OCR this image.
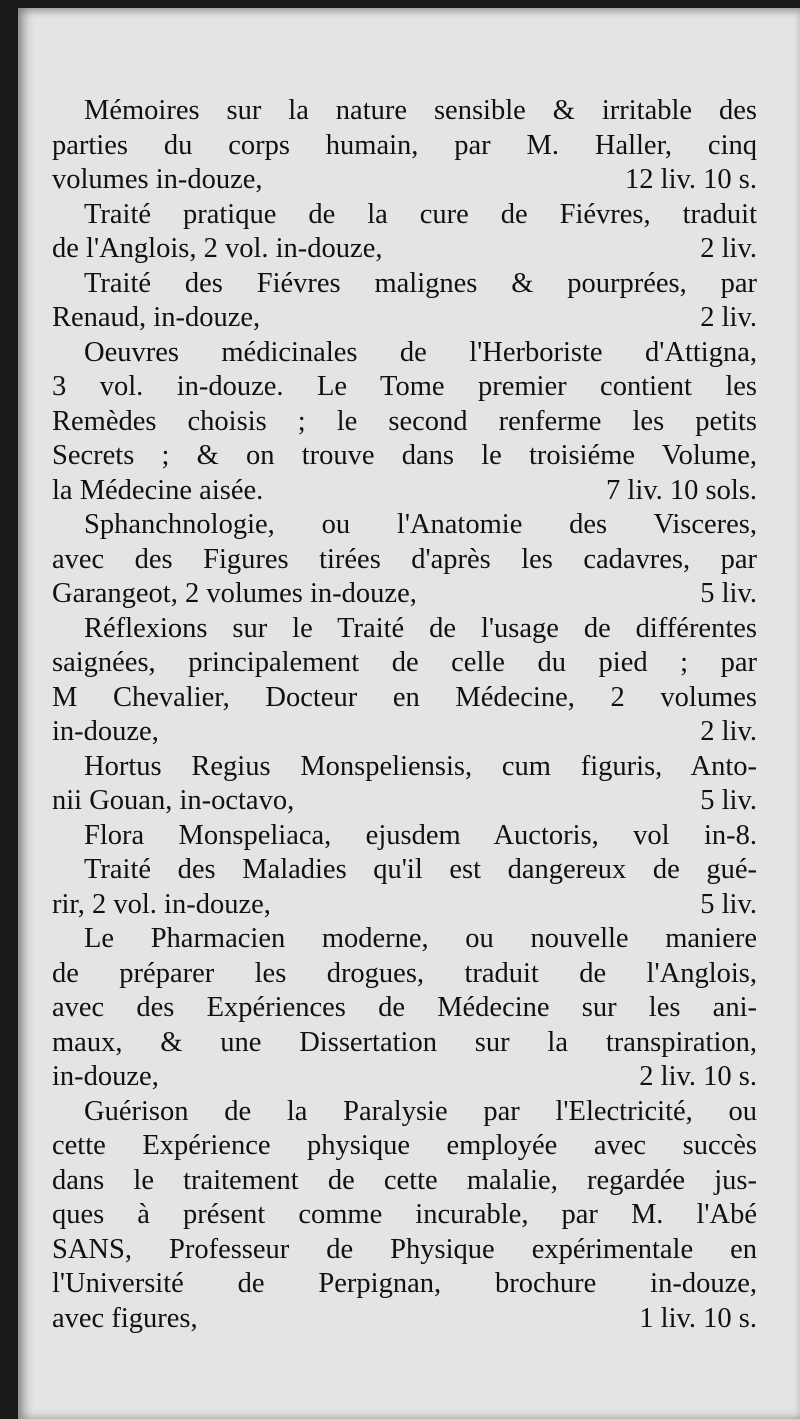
Mémoires sur la nature sensible & irritable des
parties du corps humain, par M. Haller, cinq
volumes in-douze,	12 liv. 10 s.
Traité pratique de la cure de Fiévres, traduit
de l'Anglois, 2 vol. in-douze,	2 liv.
Traité des Fiévres malignes & pourprées, par
Renaud, in-douze,	2 liv.
Oeuvres médicinales de l'Herboriste d'Attigna,
3 vol. in-douze. Le Tome premier contient les
Remèdes choisis ; le second renferme les petits
Secrets ; & on trouve dans le troisiéme Volume,
la Médecine aisée.	7 liv. 10 sols.
Sphanchnologie, ou l'Anatomie des Visceres,
avec des Figures tirées d'après les cadavres, par
Garangeot, 2 volumes in-douze,	5 liv.
Réflexions sur le Traité de l'usage de différentes
saignées, principalement de celle du pied ; par
M Chevalier, Docteur en Médecine, 2 volumes
in-douze,	2 liv.
Hortus Regius Monspeliensis, cum figuris, Anto-
nii Gouan, in-octavo,	5 liv.
Flora Monspeliaca, ejusdem Auctoris, vol in-8.
Traité des Maladies qu'il est dangereux de gué-
rir, 2 vol. in-douze,	5 liv.
Le Pharmacien moderne, ou nouvelle maniere
de préparer les drogues, traduit de l'Anglois,
avec des Expériences de Médecine sur les ani-
maux, & une Dissertation sur la transpiration,
in-douze,	2 liv. 10 s.
Guérison de la Paralysie par l'Electricité, ou
cette Expérience physique employée avec succès
dans le traitement de cette malalie, regardée jus-
ques à présent comme incurable, par M. l'Abé
SANS, Professeur de Physique expérimentale en
l'Université de Perpignan, brochure in-douze,
avec figures,	1 liv. 10 s.
